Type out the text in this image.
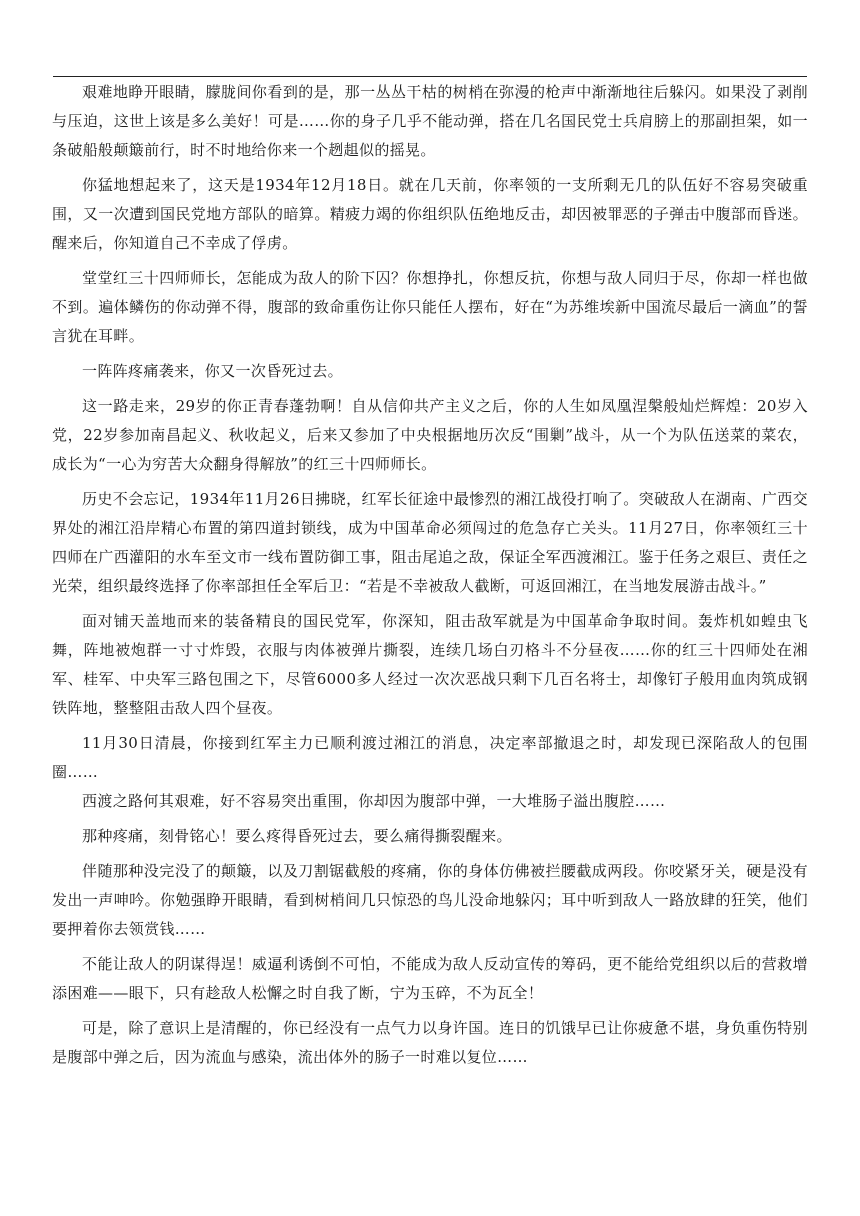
艰难地睁开眼睛，朦胧间你看到的是，那一丛丛干枯的树梢在弥漫的枪声中渐渐地往后躲闪。如果没了剥削与压迫，这世上该是多么美好！可是……你的身子几乎不能动弹，搭在几名国民党士兵肩膀上的那副担架，如一条破船般颠簸前行，时不时地给你来一个趔趄似的摇晃。

你猛地想起来了，这天是1934年12月18日。就在几天前，你率领的一支所剩无几的队伍好不容易突破重围，又一次遭到国民党地方部队的暗算。精疲力竭的你组织队伍绝地反击，却因被罪恶的子弹击中腹部而昏迷。醒来后，你知道自己不幸成了俘虏。

堂堂红三十四师师长，怎能成为敌人的阶下囚？你想挣扎，你想反抗，你想与敌人同归于尽，你却一样也做不到。遍体鳞伤的你动弹不得，腹部的致命重伤让你只能任人摆布，好在“为苏维埃新中国流尽最后一滴血”的誓言犹在耳畔。

一阵阵疼痛袭来，你又一次昏死过去。

这一路走来，29岁的你正青春蓬勃啊！自从信仰共产主义之后，你的人生如凤凰涅槃般灿烂辉煌：20岁入党，22岁参加南昌起义、秋收起义，后来又参加了中央根据地历次反“围剿”战斗，从一个为队伍送菜的菜农，成长为“一心为穷苦大众翻身得解放”的红三十四师师长。

历史不会忘记，1934年11月26日拂晓，红军长征途中最惨烈的湘江战役打响了。突破敌人在湖南、广西交界处的湘江沿岸精心布置的第四道封锁线，成为中国革命必须闯过的危急存亡关头。11月27日，你率领红三十四师在广西灌阳的水车至文市一线布置防御工事，阻击尾追之敌，保证全军西渡湘江。鉴于任务之艰巨、责任之光荣，组织最终选择了你率部担任全军后卫：“若是不幸被敌人截断，可返回湘江，在当地发展游击战斗。”

面对铺天盖地而来的装备精良的国民党军，你深知，阻击敌军就是为中国革命争取时间。轰炸机如蝗虫飞舞，阵地被炮群一寸寸炸毁，衣服与肉体被弹片撕裂，连续几场白刃格斗不分昼夜……你的红三十四师处在湘军、桂军、中央军三路包围之下，尽管6000多人经过一次次恶战只剩下几百名将士，却像钉子般用血肉筑成钢铁阵地，整整阻击敌人四个昼夜。

11月30日清晨，你接到红军主力已顺利渡过湘江的消息，决定率部撤退之时，却发现已深陷敌人的包围圈……

西渡之路何其艰难，好不容易突出重围，你却因为腹部中弹，一大堆肠子溢出腹腔……

那种疼痛，刻骨铭心！要么疼得昏死过去，要么痛得撕裂醒来。

伴随那种没完没了的颠簸，以及刀割锯截般的疼痛，你的身体仿佛被拦腰截成两段。你咬紧牙关，硬是没有发出一声呻吟。你勉强睁开眼睛，看到树梢间几只惊恐的鸟儿没命地躲闪；耳中听到敌人一路放肆的狂笑，他们要押着你去领赏钱……

不能让敌人的阴谋得逞！威逼利诱倒不可怕，不能成为敌人反动宣传的筹码，更不能给党组织以后的营救增添困难——眼下，只有趁敌人松懈之时自我了断，宁为玉碎，不为瓦全！

可是，除了意识上是清醒的，你已经没有一点气力以身许国。连日的饥饿早已让你疲惫不堪，身负重伤特别是腹部中弹之后，因为流血与感染，流出体外的肠子一时难以复位……
